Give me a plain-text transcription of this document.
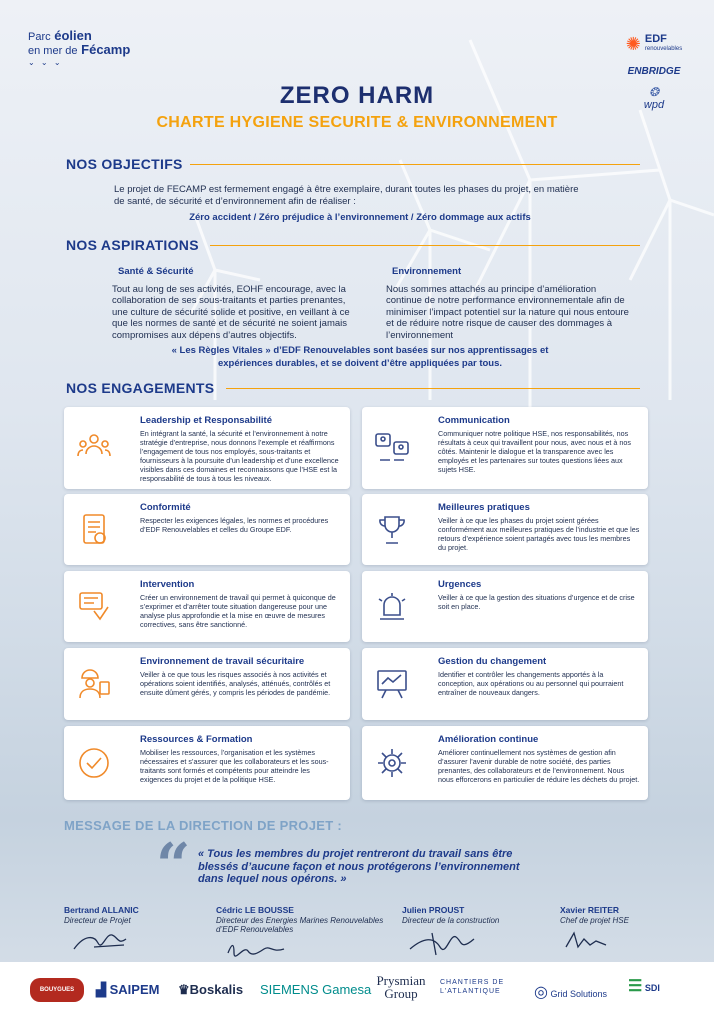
Parc éolien
en mer de Fécamp
⌄ ⌄ ⌄
✺ EDF
renouvelables
ENBRIDGE
❂
wpd
ZERO HARM
CHARTE HYGIENE SECURITE & ENVIRONNEMENT
NOS OBJECTIFS
Le projet de FECAMP est fermement engagé à être exemplaire, durant toutes les phases du projet, en matière de santé, de sécurité et d’environnement afin de réaliser :
Zéro accident / Zéro préjudice à l’environnement / Zéro dommage aux actifs
NOS ASPIRATIONS
Santé & Sécurité
Tout au long de ses activités, EOHF encourage, avec la collaboration de ses sous-traitants et parties prenantes, une culture de sécurité solide et positive, en veillant à ce que les normes de santé et de sécurité ne soient jamais compromises aux dépens d’autres objectifs.
Environnement
Nous sommes attachés au principe d’amélioration continue de notre performance environnementale afin de minimiser l’impact potentiel sur la nature qui nous entoure et de réduire notre risque de causer des dommages à l’environnement
« Les Règles Vitales » d’EDF Renouvelables sont basées sur nos apprentissages et expériences durables, et se doivent d’être appliquées par tous.
NOS ENGAGEMENTS
Leadership et Responsabilité

En intégrant la santé, la sécurité et l’environnement à notre stratégie d’entreprise, nous donnons l’exemple et réaffirmons l’engagement de tous nos employés, sous-traitants et fournisseurs à la poursuite d’un leadership et d’une excellence visibles dans ces domaines et reconnaissons que l’HSE est la responsabilité de tous à tous les niveaux.

Communication

Communiquer notre politique HSE, nos responsabilités, nos résultats à ceux qui travaillent pour nous, avec nous et à nos côtés. Maintenir le dialogue et la transparence avec les employés et les partenaires sur toutes questions liées aux sujets HSE.

Conformité

Respecter les exigences légales, les normes et procédures d’EDF Renouvelables et celles du Groupe EDF.

Meilleures pratiques

Veiller à ce que les phases du projet soient gérées conformément aux meilleures pratiques de l’industrie et que les retours d’expérience soient partagés avec tous les membres du projet.

Intervention

Créer un environnement de travail qui permet à quiconque de s’exprimer et d’arrêter toute situation dangereuse pour une analyse plus approfondie et la mise en œuvre de mesures correctives, sans être sanctionné.

Urgences

Veiller à ce que la gestion des situations d’urgence et de crise soit en place.

Environnement de travail sécuritaire

Veiller à ce que tous les risques associés à nos activités et opérations soient identifiés, analysés, atténués, contrôlés et ensuite dûment gérés, y compris les périodes de pandémie.

Gestion du changement

Identifier et contrôler les changements apportés à la conception, aux opérations ou au personnel qui pourraient entraîner de nouveaux dangers.

Ressources & Formation

Mobiliser les ressources, l’organisation et les systèmes nécessaires et s’assurer que les collaborateurs et les sous-traitants sont formés et compétents pour atteindre les exigences du projet et de la politique HSE.

Amélioration continue

Améliorer continuellement nos systèmes de gestion afin d’assurer l’avenir durable de notre société, des parties prenantes, des collaborateurs et de l’environnement. Nous nous efforcerons en particulier de réduire les déchets du projet.

MESSAGE DE LA DIRECTION DE PROJET :
“ « Tous les membres du projet rentreront du travail sans être blessés d’aucune façon et nous protégerons l’environnement dans lequel nous opérons. »
Bertrand ALLANIC
Directeur de Projet
Cédric LE BOUSSE
Directeur des Energies Marines Renouvelables d’EDF Renouvelables
Julien PROUST
Directeur de la construction
Xavier REITER
Chef de projet HSE
BOUYGUES	▟ SAIPEM ♛Boskalis SIEMENS Gamesa
Prysmian Group
CHANTIERS DE L'ATLANTIQUE	◎ Grid Solutions ☰ SDI
